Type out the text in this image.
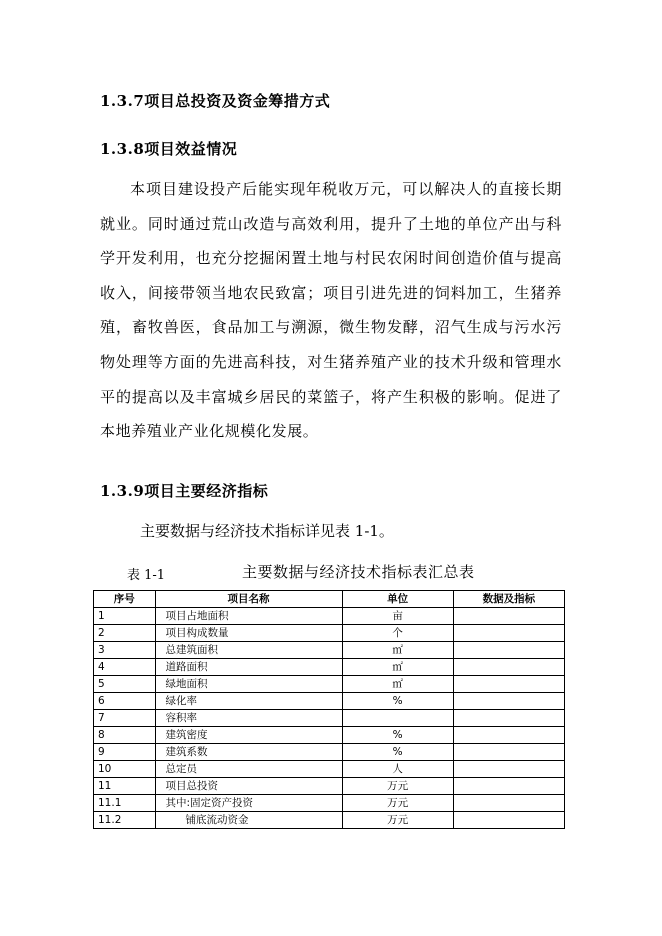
1.3.7项目总投资及资金筹措方式
1.3.8项目效益情况
本项目建设投产后能实现年税收万元，可以解决人的直接长期就业。同时通过荒山改造与高效利用，提升了土地的单位产出与科学开发利用，也充分挖掘闲置土地与村民农闲时间创造价值与提高收入，间接带领当地农民致富；项目引进先进的饲料加工，生猪养殖，畜牧兽医，食品加工与溯源，微生物发酵，沼气生成与污水污物处理等方面的先进高科技，对生猪养殖产业的技术升级和管理水平的提高以及丰富城乡居民的菜篮子，将产生积极的影响。促进了本地养殖业产业化规模化发展。
1.3.9项目主要经济指标
主要数据与经济技术指标详见表 1-1。
表 1-1	主要数据与经济技术指标表汇总表
序号	项目名称	单位	数据及指标
1	项目占地面积	亩	
2	项目构成数量	个	
3	总建筑面积	㎡	
4	道路面积	㎡	
5	绿地面积	㎡	
6	绿化率	%	
7	容积率		
8	建筑密度	%	
9	建筑系数	%	
10	总定员	人	
11	项目总投资	万元	
11.1	其中:固定资产投资	万元	
11.2	铺底流动资金	万元	
